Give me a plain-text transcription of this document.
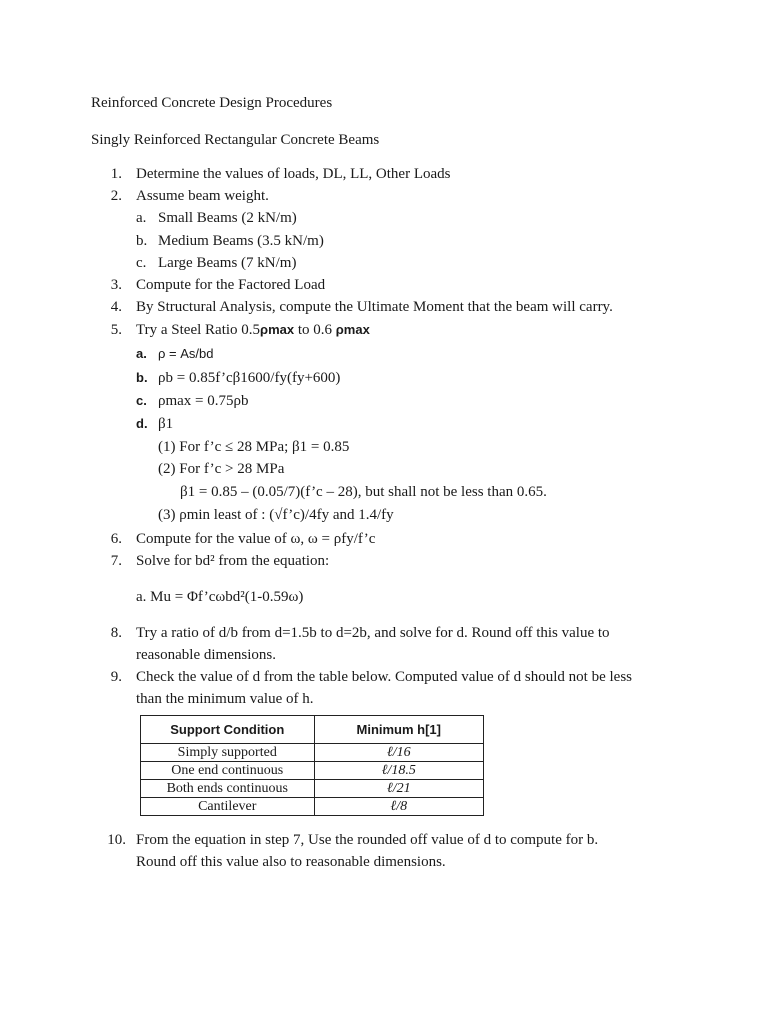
Reinforced Concrete Design Procedures
Singly Reinforced Rectangular Concrete Beams
1. Determine the values of loads, DL, LL, Other Loads
2. Assume beam weight.
a. Small Beams (2 kN/m)
b. Medium Beams (3.5 kN/m)
c. Large Beams (7 kN/m)
3. Compute for the Factored Load
4. By Structural Analysis, compute the Ultimate Moment that the beam will carry.
5. Try a Steel Ratio 0.5ρmax to 0.6 ρmax
a. ρ = As/bd
b. ρb = 0.85f’cβ1600/fy(fy+600)
c. ρmax = 0.75ρb
d. β1
(1) For f’c ≤ 28 MPa; β1 = 0.85
(2) For f’c > 28 MPa
β1 = 0.85 – (0.05/7)(f’c – 28), but shall not be less than 0.65.
(3) ρmin least of : (√f’c)/4fy and 1.4/fy
6. Compute for the value of ω, ω = ρfy/f’c
7. Solve for bd² from the equation:
a. Mu = Φf’cωbd²(1-0.59ω)
8. Try a ratio of d/b from d=1.5b to d=2b, and solve for d. Round off this value to
reasonable dimensions.
9. Check the value of d from the table below. Computed value of d should not be less
than the minimum value of h.
Support Condition	Minimum h[1]
Simply supported	ℓ/16
One end continuous	ℓ/18.5
Both ends continuous	ℓ/21
Cantilever	ℓ/8
10. From the equation in step 7, Use the rounded off value of d to compute for b.
Round off this value also to reasonable dimensions.
